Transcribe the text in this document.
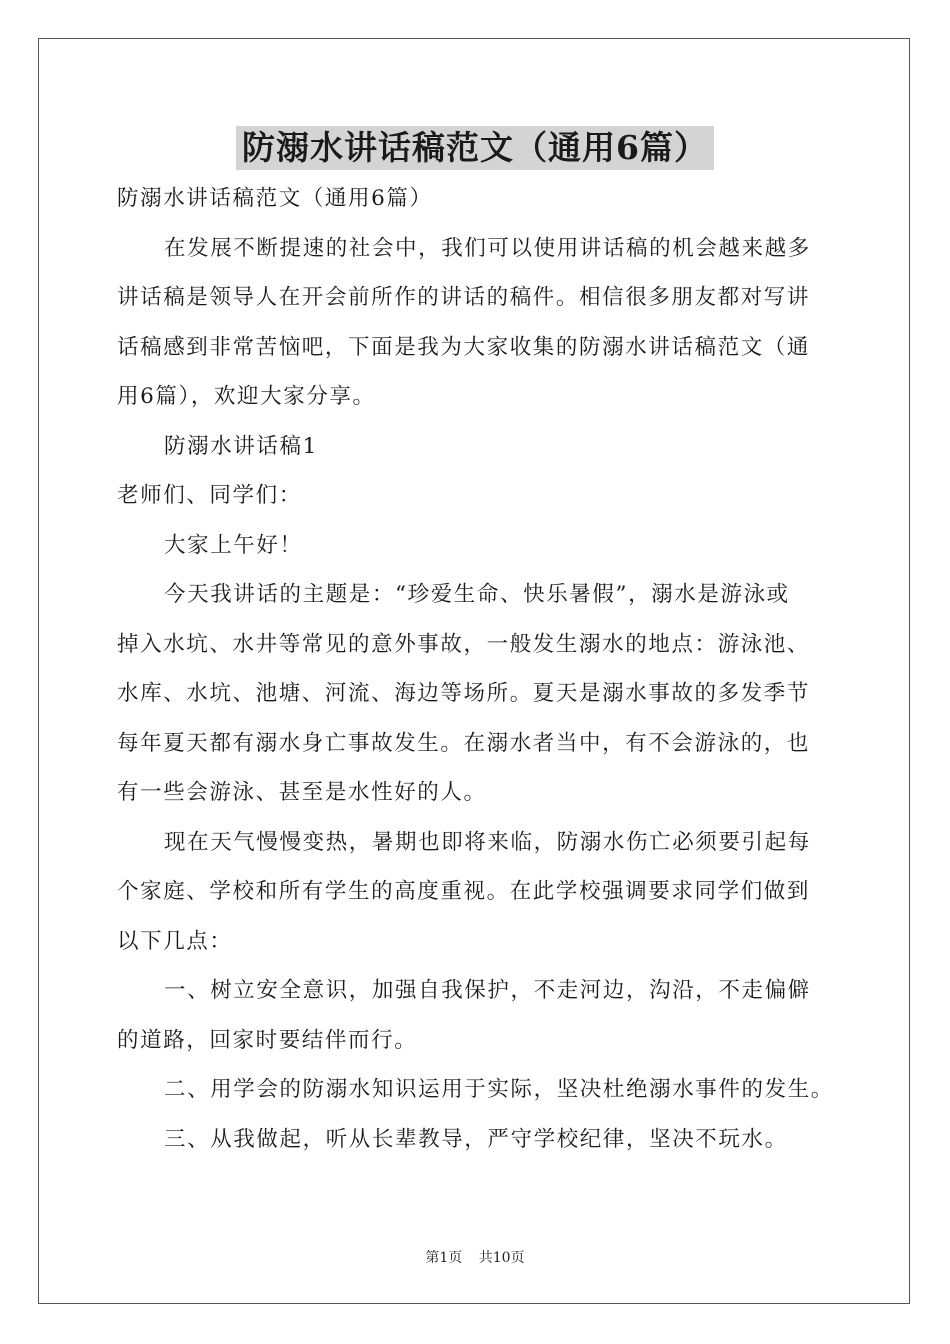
防溺水讲话稿范文（通用6篇）
防溺水讲话稿范文（通用6篇）
在发展不断提速的社会中，我们可以使用讲话稿的机会越来越多
讲话稿是领导人在开会前所作的讲话的稿件。相信很多朋友都对写讲
话稿感到非常苦恼吧，下面是我为大家收集的防溺水讲话稿范文（通
用6篇），欢迎大家分享。
防溺水讲话稿1
老师们、同学们：
大家上午好！
今天我讲话的主题是：“珍爱生命、快乐暑假”，溺水是游泳或
掉入水坑、水井等常见的意外事故，一般发生溺水的地点：游泳池、
水库、水坑、池塘、河流、海边等场所。夏天是溺水事故的多发季节
每年夏天都有溺水身亡事故发生。在溺水者当中，有不会游泳的，也
有一些会游泳、甚至是水性好的人。
现在天气慢慢变热，暑期也即将来临，防溺水伤亡必须要引起每
个家庭、学校和所有学生的高度重视。在此学校强调要求同学们做到
以下几点：
一、树立安全意识，加强自我保护，不走河边，沟沿，不走偏僻
的道路，回家时要结伴而行。
二、用学会的防溺水知识运用于实际，坚决杜绝溺水事件的发生。
三、从我做起，听从长辈教导，严守学校纪律，坚决不玩水。
第1页 共10页
